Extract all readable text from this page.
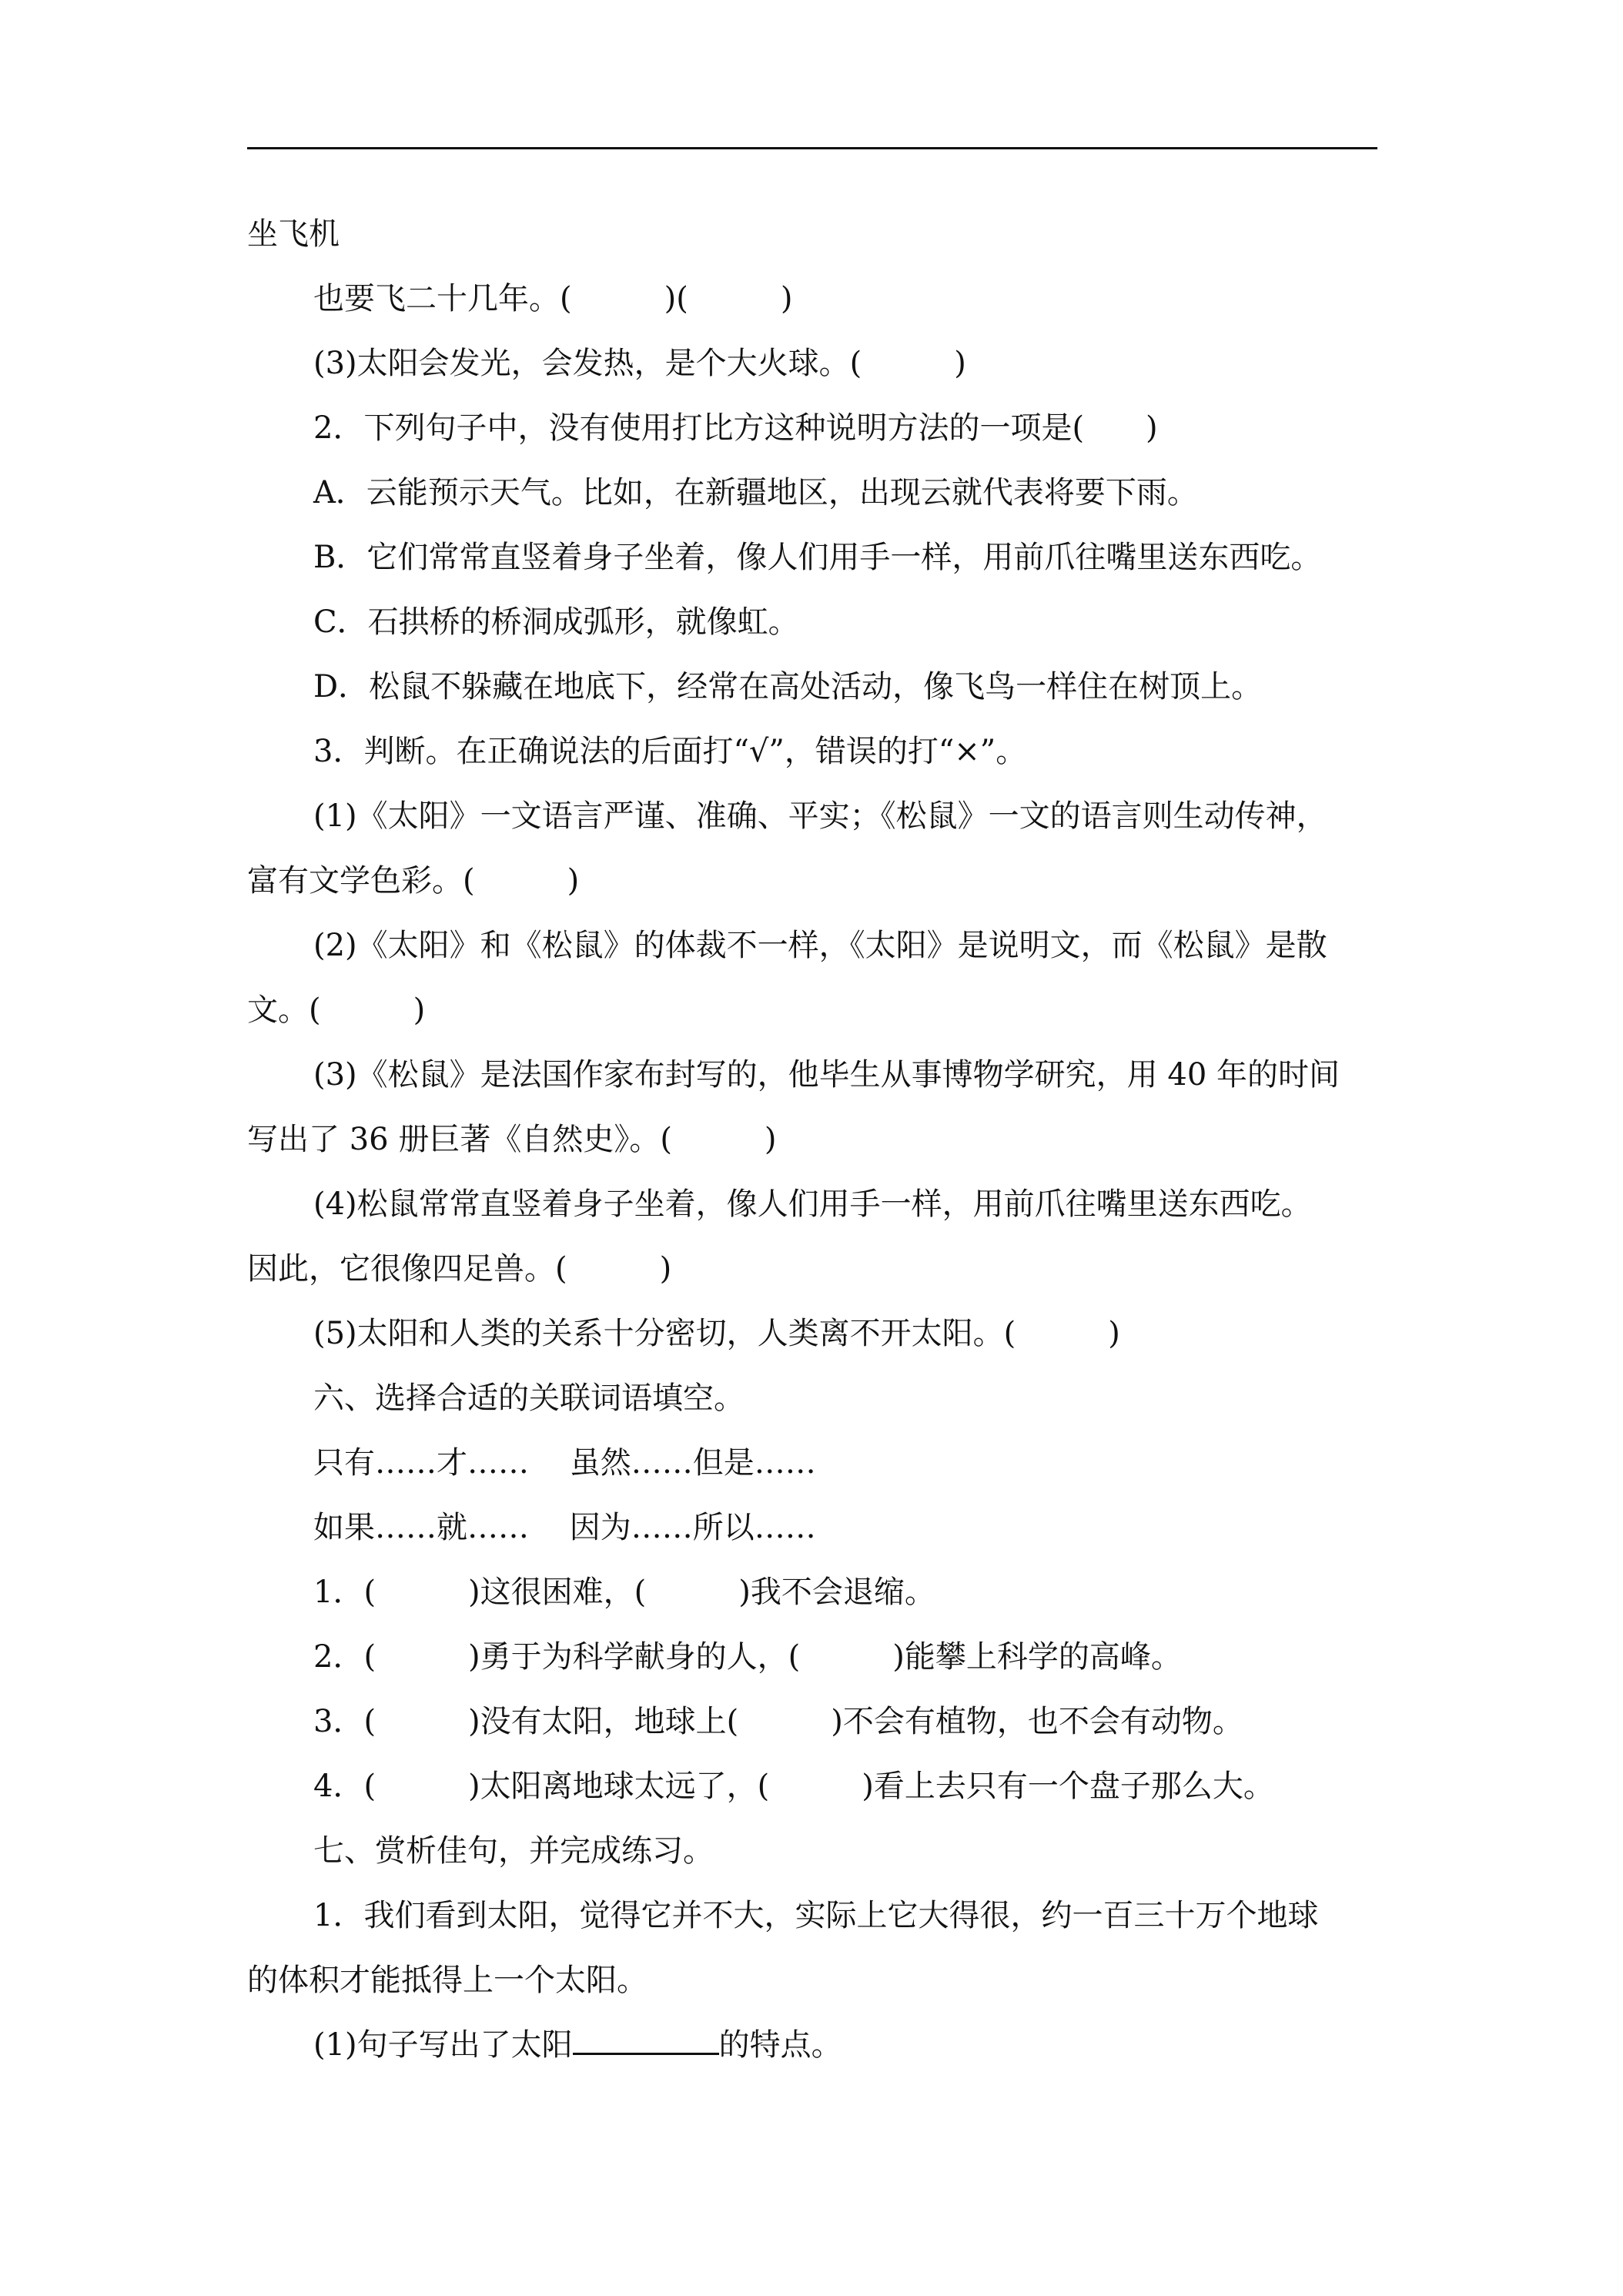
坐飞机
也要飞二十几年。(　　　)(　　　)
(3)太阳会发光，会发热，是个大火球。(　　　)
2．下列句子中，没有使用打比方这种说明方法的一项是(　　)
A．云能预示天气。比如，在新疆地区，出现云就代表将要下雨。
B．它们常常直竖着身子坐着，像人们用手一样，用前爪往嘴里送东西吃。
C．石拱桥的桥洞成弧形，就像虹。
D．松鼠不躲藏在地底下，经常在高处活动，像飞鸟一样住在树顶上。
3．判断。在正确说法的后面打“√”，错误的打“×”。
(1)《太阳》一文语言严谨、准确、平实；《松鼠》一文的语言则生动传神，
富有文学色彩。(　　　)
(2)《太阳》和《松鼠》的体裁不一样，《太阳》是说明文，而《松鼠》是散
文。(　　　)
(3)《松鼠》是法国作家布封写的，他毕生从事博物学研究，用 40 年的时间
写出了 36 册巨著《自然史》。(　　　)
(4)松鼠常常直竖着身子坐着，像人们用手一样，用前爪往嘴里送东西吃。
因此，它很像四足兽。(　　　)
(5)太阳和人类的关系十分密切，人类离不开太阳。(　　　)
六、选择合适的关联词语填空。
只有……才……　 虽然……但是……
如果……就……　 因为……所以……
1．(　　　)这很困难，(　　　)我不会退缩。
2．(　　　)勇于为科学献身的人，(　　　)能攀上科学的高峰。
3．(　　　)没有太阳，地球上(　　　)不会有植物，也不会有动物。
4．(　　　)太阳离地球太远了，(　　　)看上去只有一个盘子那么大。
七、赏析佳句，并完成练习。
1．我们看到太阳，觉得它并不大，实际上它大得很，约一百三十万个地球
的体积才能抵得上一个太阳。
(1)句子写出了太阳	的特点。
